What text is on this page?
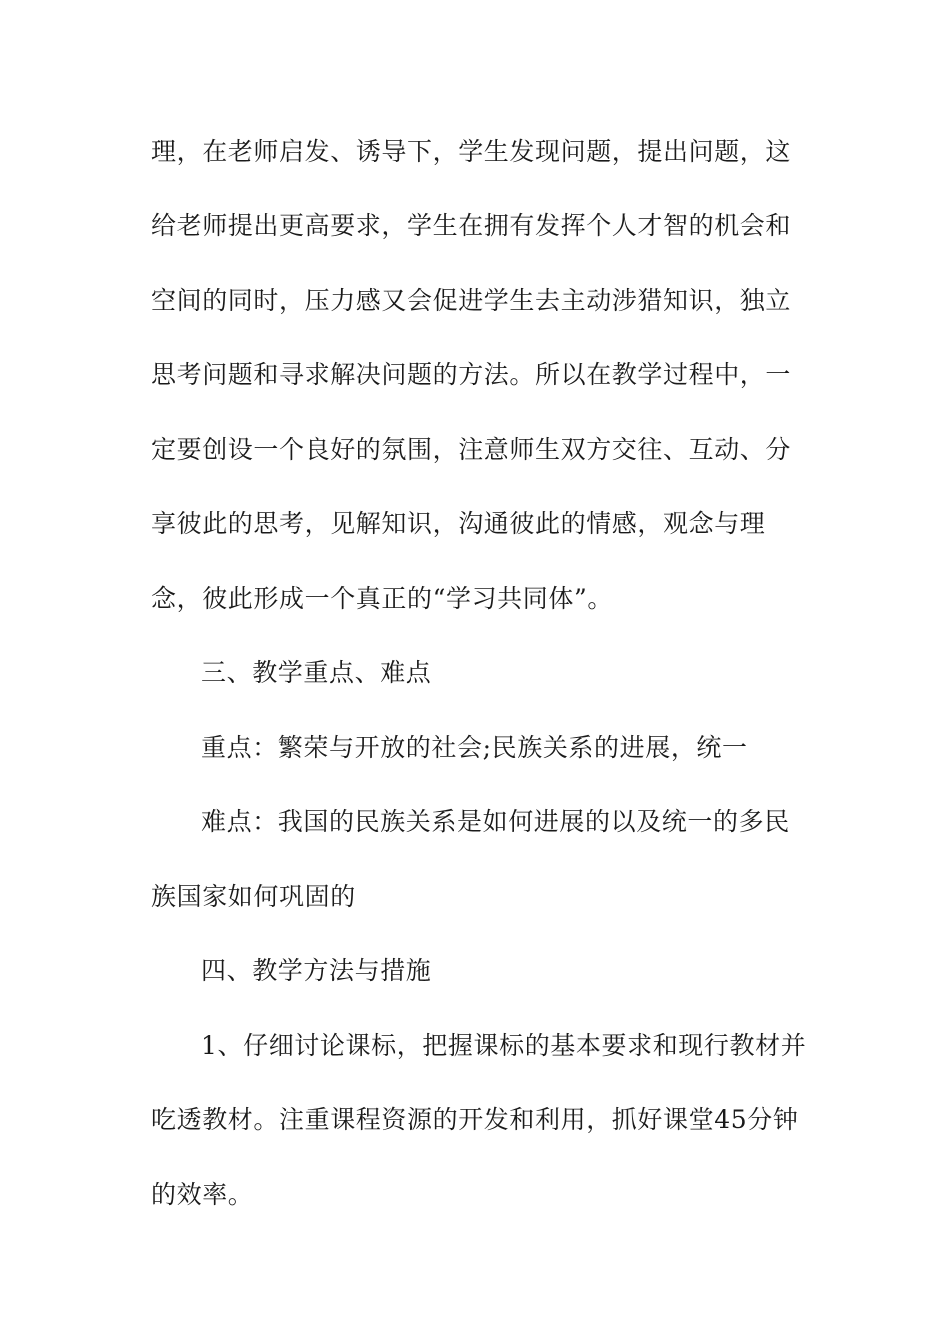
理，在老师启发、诱导下，学生发现问题，提出问题，这
给老师提出更高要求，学生在拥有发挥个人才智的机会和
空间的同时，压力感又会促进学生去主动涉猎知识，独立
思考问题和寻求解决问题的方法。所以在教学过程中，一
定要创设一个良好的氛围，注意师生双方交往、互动、分
享彼此的思考，见解知识，沟通彼此的情感，观念与理
念，彼此形成一个真正的“学习共同体”。
三、教学重点、难点
重点：繁荣与开放的社会;民族关系的进展，统一
难点：我国的民族关系是如何进展的以及统一的多民
族国家如何巩固的
四、教学方法与措施
1、仔细讨论课标，把握课标的基本要求和现行教材并
吃透教材。注重课程资源的开发和利用，抓好课堂45分钟
的效率。
